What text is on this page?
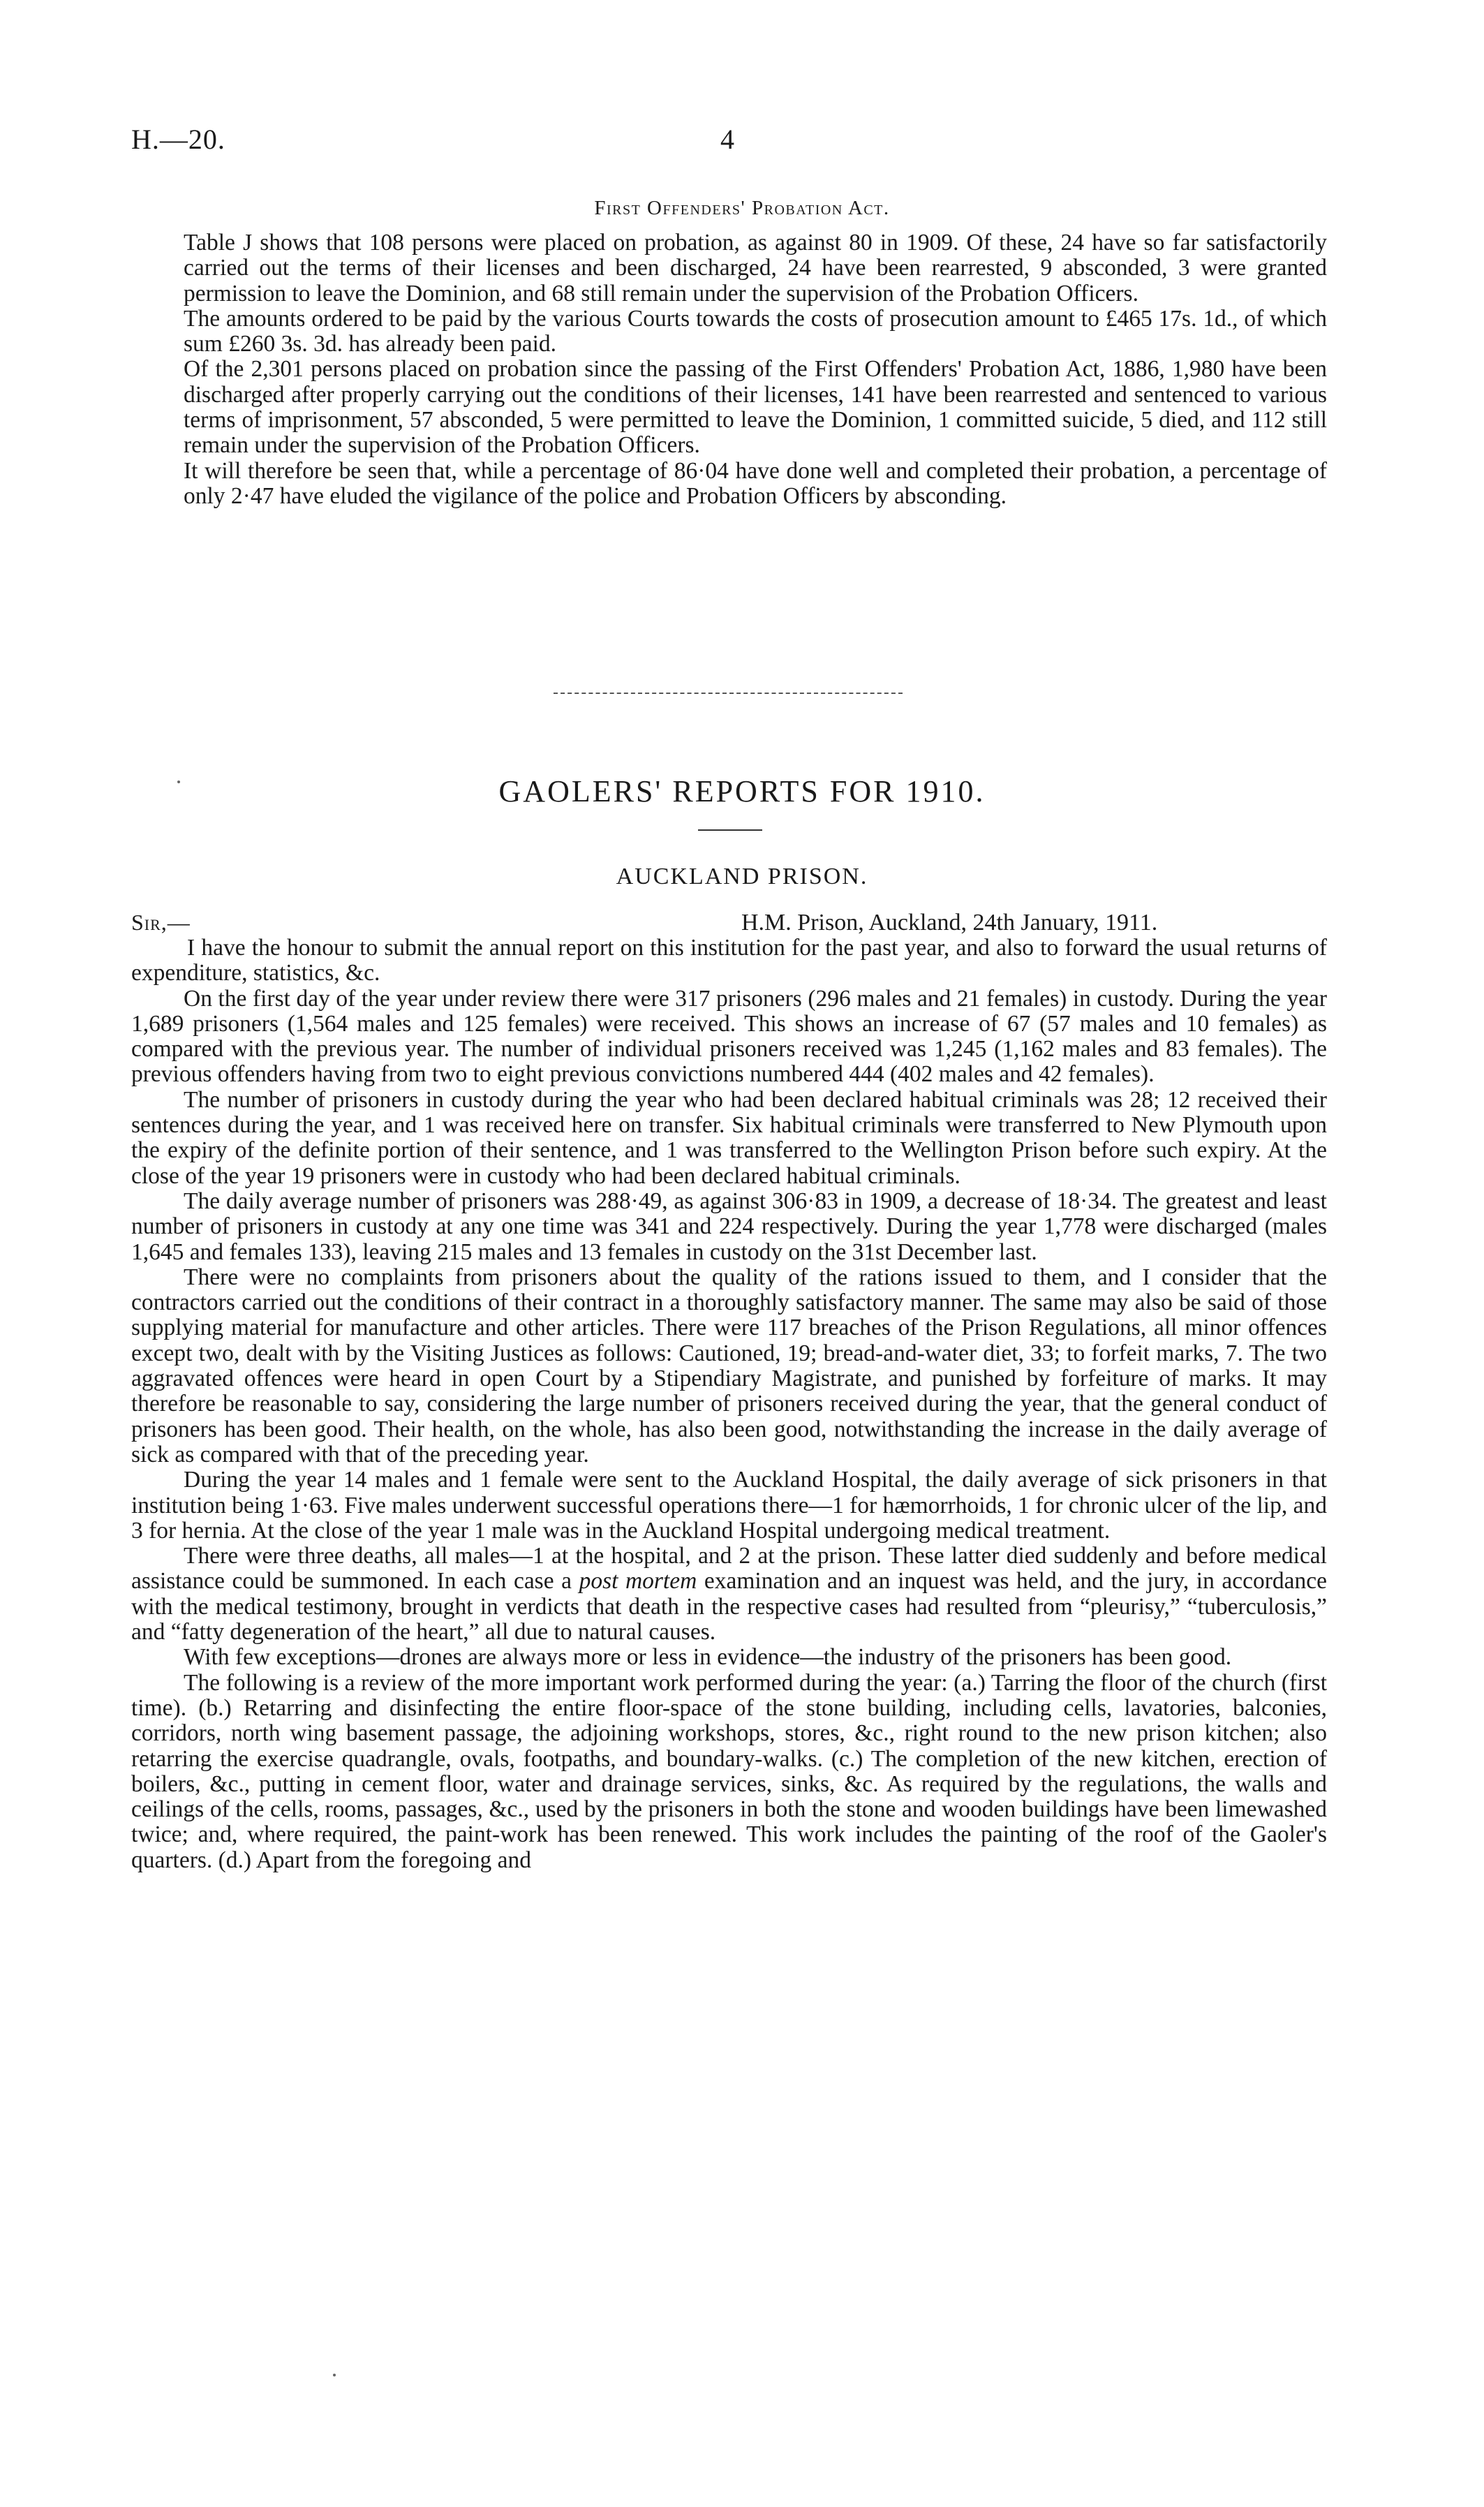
H.—20.	4
First Offenders' Probation Act.

Table J shows that 108 persons were placed on probation, as against 80 in 1909. Of these, 24 have so far satisfactorily carried out the terms of their licenses and been discharged, 24 have been rearrested, 9 absconded, 3 were granted permission to leave the Dominion, and 68 still remain under the supervision of the Probation Officers.

The amounts ordered to be paid by the various Courts towards the costs of prosecution amount to £465 17s. 1d., of which sum £260 3s. 3d. has already been paid.

Of the 2,301 persons placed on probation since the passing of the First Offenders' Probation Act, 1886, 1,980 have been discharged after properly carrying out the conditions of their licenses, 141 have been rearrested and sentenced to various terms of imprisonment, 57 absconded, 5 were permitted to leave the Dominion, 1 committed suicide, 5 died, and 112 still remain under the supervision of the Probation Officers.

It will therefore be seen that, while a percentage of 86·04 have done well and completed their probation, a percentage of only 2·47 have eluded the vigilance of the police and Probation Officers by absconding.

GAOLERS' REPORTS FOR 1910.
AUCKLAND PRISON.
Sir,—	H.M. Prison, Auckland, 24th January, 1911.

I have the honour to submit the annual report on this institution for the past year, and also to forward the usual returns of expenditure, statistics, &c.

On the first day of the year under review there were 317 prisoners (296 males and 21 females) in custody. During the year 1,689 prisoners (1,564 males and 125 females) were received. This shows an increase of 67 (57 males and 10 females) as compared with the previous year. The number of individual prisoners received was 1,245 (1,162 males and 83 females). The previous offenders having from two to eight previous convictions numbered 444 (402 males and 42 females).

The number of prisoners in custody during the year who had been declared habitual criminals was 28; 12 received their sentences during the year, and 1 was received here on transfer. Six habitual criminals were transferred to New Plymouth upon the expiry of the definite portion of their sentence, and 1 was transferred to the Wellington Prison before such expiry. At the close of the year 19 prisoners were in custody who had been declared habitual criminals.

The daily average number of prisoners was 288·49, as against 306·83 in 1909, a decrease of 18·34. The greatest and least number of prisoners in custody at any one time was 341 and 224 respectively. During the year 1,778 were discharged (males 1,645 and females 133), leaving 215 males and 13 females in custody on the 31st December last.

There were no complaints from prisoners about the quality of the rations issued to them, and I consider that the contractors carried out the conditions of their contract in a thoroughly satisfactory manner. The same may also be said of those supplying material for manufacture and other articles. There were 117 breaches of the Prison Regulations, all minor offences except two, dealt with by the Visiting Justices as follows: Cautioned, 19; bread-and-water diet, 33; to forfeit marks, 7. The two aggravated offences were heard in open Court by a Stipendiary Magistrate, and punished by forfeiture of marks. It may therefore be reasonable to say, considering the large number of prisoners received during the year, that the general conduct of prisoners has been good. Their health, on the whole, has also been good, notwithstanding the increase in the daily average of sick as compared with that of the preceding year.

During the year 14 males and 1 female were sent to the Auckland Hospital, the daily average of sick prisoners in that institution being 1·63. Five males underwent successful operations there—1 for hæmorrhoids, 1 for chronic ulcer of the lip, and 3 for hernia. At the close of the year 1 male was in the Auckland Hospital undergoing medical treatment.

There were three deaths, all males—1 at the hospital, and 2 at the prison. These latter died suddenly and before medical assistance could be summoned. In each case a post mortem examination and an inquest was held, and the jury, in accordance with the medical testimony, brought in verdicts that death in the respective cases had resulted from “pleurisy,” “tuberculosis,” and “fatty degeneration of the heart,” all due to natural causes.

With few exceptions—drones are always more or less in evidence—the industry of the prisoners has been good.

The following is a review of the more important work performed during the year: (a.) Tarring the floor of the church (first time). (b.) Retarring and disinfecting the entire floor-space of the stone building, including cells, lavatories, balconies, corridors, north wing basement passage, the adjoining workshops, stores, &c., right round to the new prison kitchen; also retarring the exercise quadrangle, ovals, footpaths, and boundary-walks. (c.) The completion of the new kitchen, erection of boilers, &c., putting in cement floor, water and drainage services, sinks, &c. As required by the regulations, the walls and ceilings of the cells, rooms, passages, &c., used by the prisoners in both the stone and wooden buildings have been limewashed twice; and, where required, the paint-work has been renewed. This work includes the painting of the roof of the Gaoler's quarters. (d.) Apart from the foregoing and
